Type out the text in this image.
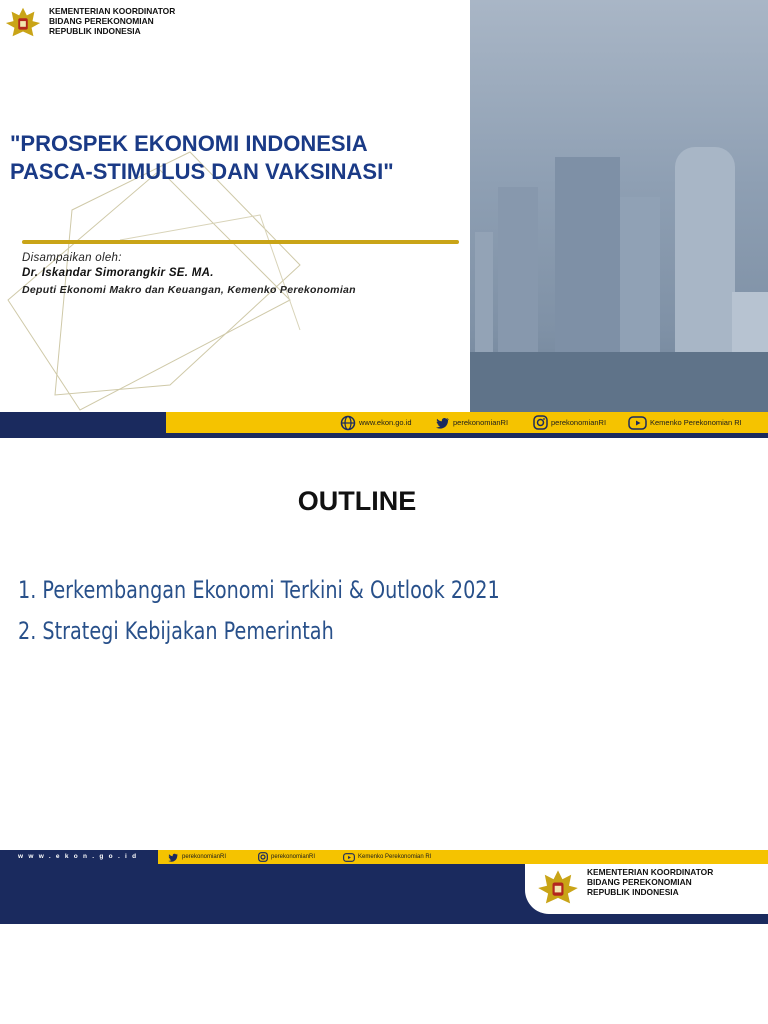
KEMENTERIAN KOORDINATOR
BIDANG PEREKONOMIAN
REPUBLIK INDONESIA
"PROSPEK EKONOMI INDONESIA
PASCA-STIMULUS DAN VAKSINASI"
Disampaikan oleh:
Dr. Iskandar Simorangkir SE. MA.
Deputi Ekonomi Makro dan Keuangan, Kemenko Perekonomian
www.ekon.go.id	perekonomianRI	perekonomianRI	Kemenko Perekonomian RI
OUTLINE
1. Perkembangan Ekonomi Terkini & Outlook 2021
2. Strategi Kebijakan Pemerintah
www.ekon.go.id	perekonomianRI	perekonomianRI	Kemenko Perekonomian RI
KEMENTERIAN KOORDINATOR
BIDANG PEREKONOMIAN
REPUBLIK INDONESIA
